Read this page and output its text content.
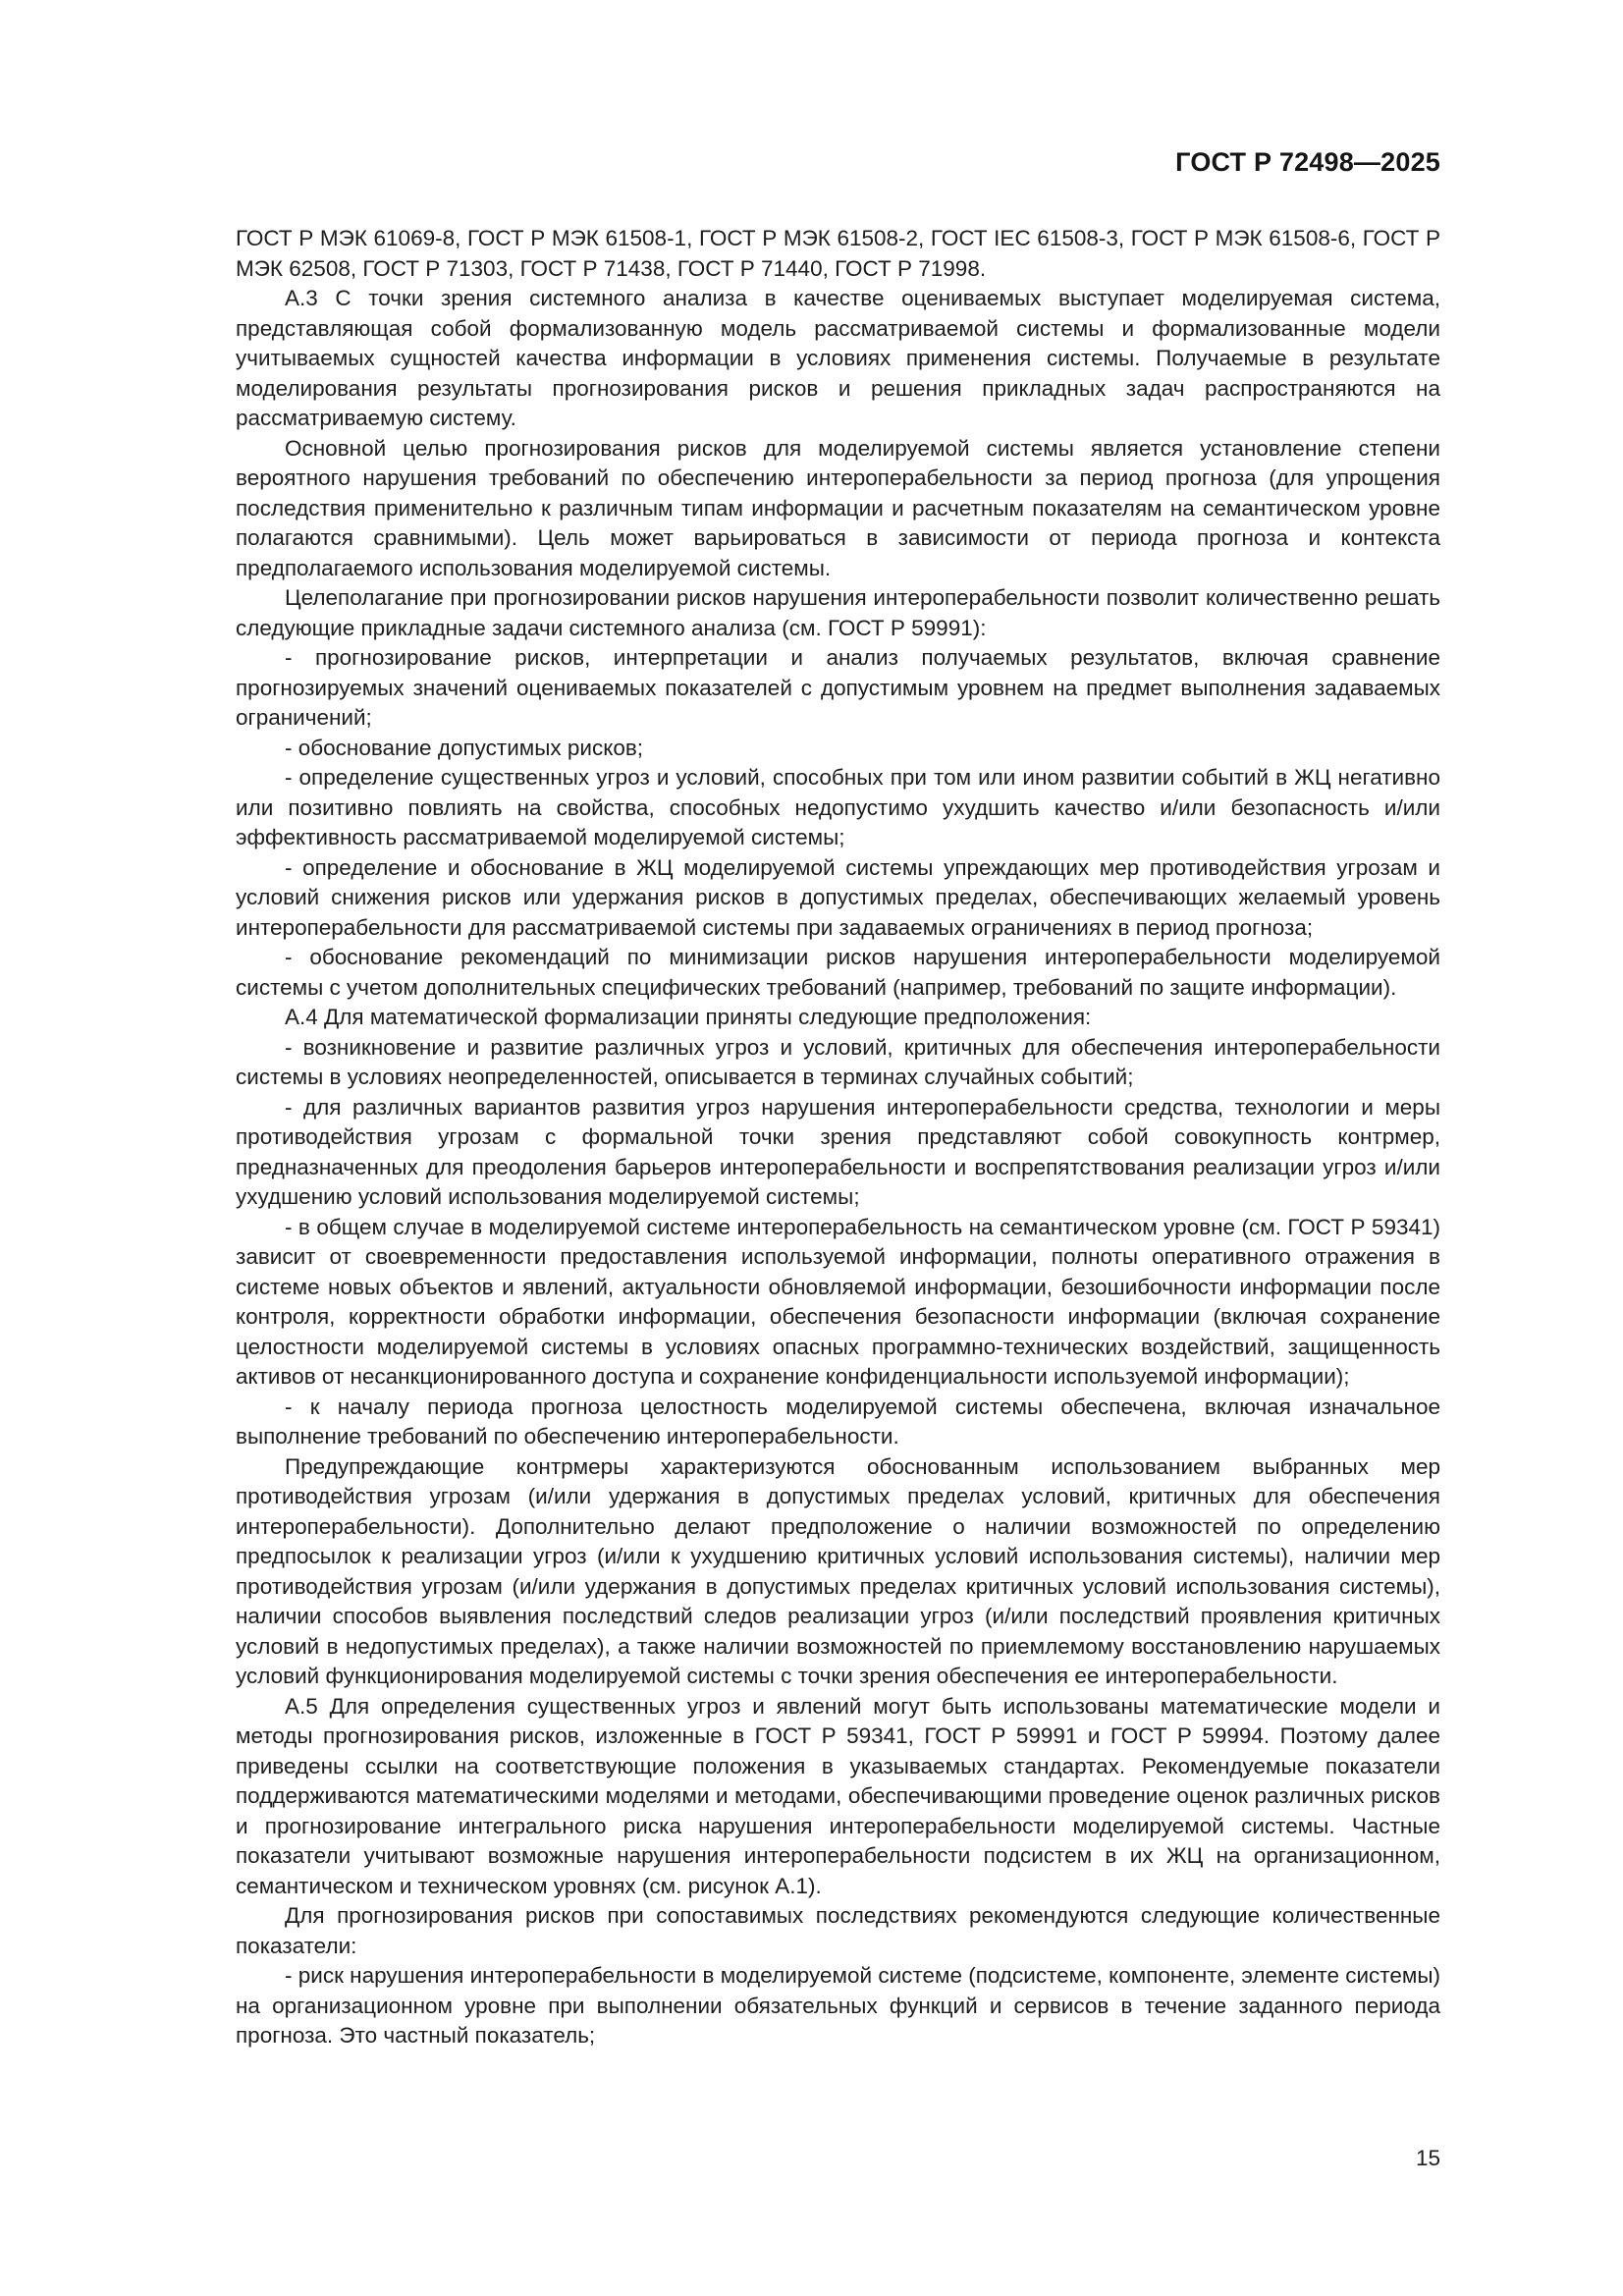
ГОСТ Р 72498—2025

ГОСТ Р МЭК 61069-8, ГОСТ Р МЭК 61508-1, ГОСТ Р МЭК 61508-2, ГОСТ IEC 61508-3, ГОСТ Р МЭК 61508-6, ГОСТ Р МЭК 62508, ГОСТ Р 71303, ГОСТ Р 71438, ГОСТ Р 71440, ГОСТ Р 71998.

А.3 С точки зрения системного анализа в качестве оцениваемых выступает моделируемая система, представляющая собой формализованную модель рассматриваемой системы и формализованные модели учитываемых сущностей качества информации в условиях применения системы. Получаемые в результате моделирования результаты прогнозирования рисков и решения прикладных задач распространяются на рассматриваемую систему.

Основной целью прогнозирования рисков для моделируемой системы является установление степени вероятного нарушения требований по обеспечению интероперабельности за период прогноза (для упрощения последствия применительно к различным типам информации и расчетным показателям на семантическом уровне полагаются сравнимыми). Цель может варьироваться в зависимости от периода прогноза и контекста предполагаемого использования моделируемой системы.

Целеполагание при прогнозировании рисков нарушения интероперабельности позволит количественно решать следующие прикладные задачи системного анализа (см. ГОСТ Р 59991):

- прогнозирование рисков, интерпретации и анализ получаемых результатов, включая сравнение прогнозируемых значений оцениваемых показателей с допустимым уровнем на предмет выполнения задаваемых ограничений;

- обоснование допустимых рисков;

- определение существенных угроз и условий, способных при том или ином развитии событий в ЖЦ негативно или позитивно повлиять на свойства, способных недопустимо ухудшить качество и/или безопасность и/или эффективность рассматриваемой моделируемой системы;

- определение и обоснование в ЖЦ моделируемой системы упреждающих мер противодействия угрозам и условий снижения рисков или удержания рисков в допустимых пределах, обеспечивающих желаемый уровень интероперабельности для рассматриваемой системы при задаваемых ограничениях в период прогноза;

- обоснование рекомендаций по минимизации рисков нарушения интероперабельности моделируемой системы с учетом дополнительных специфических требований (например, требований по защите информации).

А.4 Для математической формализации приняты следующие предположения:

- возникновение и развитие различных угроз и условий, критичных для обеспечения интероперабельности системы в условиях неопределенностей, описывается в терминах случайных событий;

- для различных вариантов развития угроз нарушения интероперабельности средства, технологии и меры противодействия угрозам с формальной точки зрения представляют собой совокупность контрмер, предназначенных для преодоления барьеров интероперабельности и воспрепятствования реализации угроз и/или ухудшению условий использования моделируемой системы;

- в общем случае в моделируемой системе интероперабельность на семантическом уровне (см. ГОСТ Р 59341) зависит от своевременности предоставления используемой информации, полноты оперативного отражения в системе новых объектов и явлений, актуальности обновляемой информации, безошибочности информации после контроля, корректности обработки информации, обеспечения безопасности информации (включая сохранение целостности моделируемой системы в условиях опасных программно-технических воздействий, защищенность активов от несанкционированного доступа и сохранение конфиденциальности используемой информации);

- к началу периода прогноза целостность моделируемой системы обеспечена, включая изначальное выполнение требований по обеспечению интероперабельности.

Предупреждающие контрмеры характеризуются обоснованным использованием выбранных мер противодействия угрозам (и/или удержания в допустимых пределах условий, критичных для обеспечения интероперабельности). Дополнительно делают предположение о наличии возможностей по определению предпосылок к реализации угроз (и/или к ухудшению критичных условий использования системы), наличии мер противодействия угрозам (и/или удержания в допустимых пределах критичных условий использования системы), наличии способов выявления последствий следов реализации угроз (и/или последствий проявления критичных условий в недопустимых пределах), а также наличии возможностей по приемлемому восстановлению нарушаемых условий функционирования моделируемой системы с точки зрения обеспечения ее интероперабельности.

А.5 Для определения существенных угроз и явлений могут быть использованы математические модели и методы прогнозирования рисков, изложенные в ГОСТ Р 59341, ГОСТ Р 59991 и ГОСТ Р 59994. Поэтому далее приведены ссылки на соответствующие положения в указываемых стандартах. Рекомендуемые показатели поддерживаются математическими моделями и методами, обеспечивающими проведение оценок различных рисков и прогнозирование интегрального риска нарушения интероперабельности моделируемой системы. Частные показатели учитывают возможные нарушения интероперабельности подсистем в их ЖЦ на организационном, семантическом и техническом уровнях (см. рисунок А.1).

Для прогнозирования рисков при сопоставимых последствиях рекомендуются следующие количественные показатели:

- риск нарушения интероперабельности в моделируемой системе (подсистеме, компоненте, элементе системы) на организационном уровне при выполнении обязательных функций и сервисов в течение заданного периода прогноза. Это частный показатель;

15
